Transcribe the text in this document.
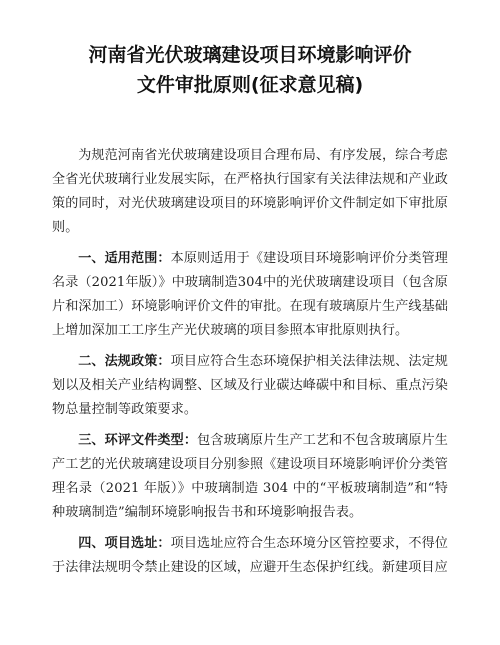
河南省光伏玻璃建设项目环境影响评价
文件审批原则(征求意见稿)

为规范河南省光伏玻璃建设项目合理布局、有序发展，综合考虑全省光伏玻璃行业发展实际，在严格执行国家有关法律法规和产业政策的同时，对光伏玻璃建设项目的环境影响评价文件制定如下审批原则。

一、适用范围：本原则适用于《建设项目环境影响评价分类管理名录（2021年版）》中玻璃制造304中的光伏玻璃建设项目（包含原片和深加工）环境影响评价文件的审批。在现有玻璃原片生产线基础上增加深加工工序生产光伏玻璃的项目参照本审批原则执行。

二、法规政策：项目应符合生态环境保护相关法律法规、法定规划以及相关产业结构调整、区域及行业碳达峰碳中和目标、重点污染物总量控制等政策要求。

三、环评文件类型：包含玻璃原片生产工艺和不包含玻璃原片生产工艺的光伏玻璃建设项目分别参照《建设项目环境影响评价分类管理名录（2021 年版）》中玻璃制造 304 中的“平板玻璃制造”和“特种玻璃制造”编制环境影响报告书和环境影响报告表。

四、项目选址：项目选址应符合生态环境分区管控要求，不得位于法律法规明令禁止建设的区域，应避开生态保护红线。新建项目应
